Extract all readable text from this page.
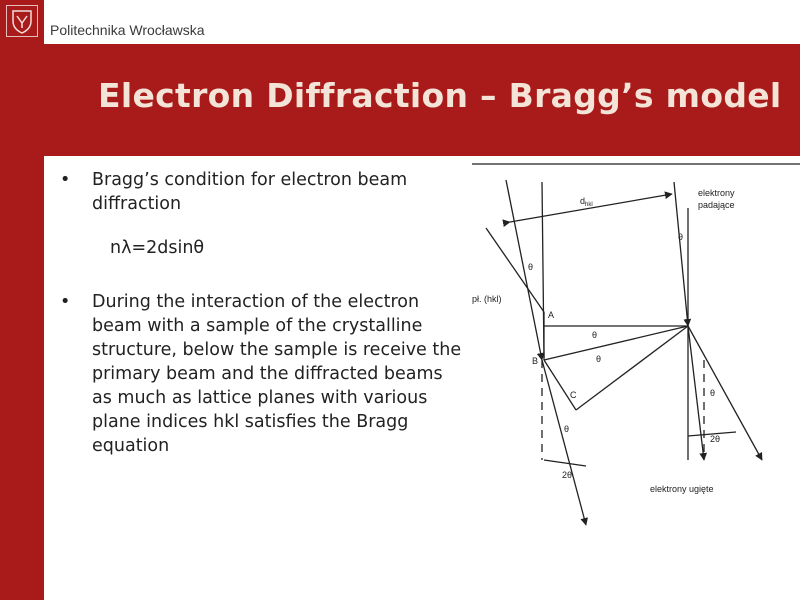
Politechnika Wrocławska
Electron Diffraction – Bragg’s model
• Bragg’s condition for electron beam diffraction
nλ=2dsinθ
• During the interaction of the electron beam with a sample of the crystalline structure, below the sample is receive the primary beam and the diffracted beams as much as lattice planes with various plane indices hkl satisfies the Bragg equation
$d_{hkl}$
elektrony
padające
pł. (hkl)
A
B
C
θ
θ
θ
θ
θ
θ
2θ
2θ
elektrony ugięte
